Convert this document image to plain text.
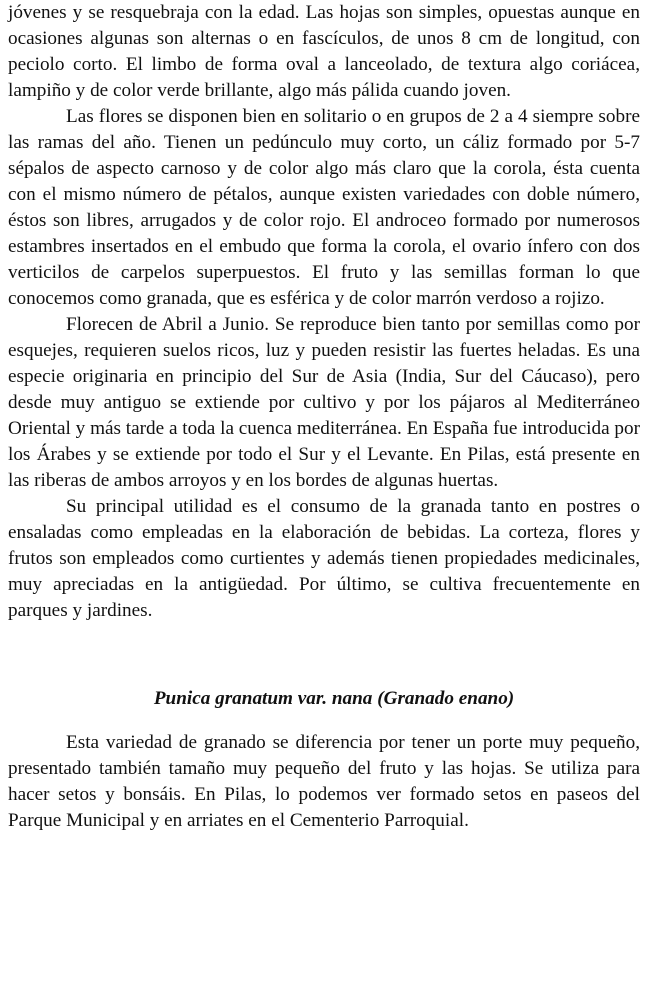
jóvenes y se resquebraja con la edad. Las hojas son simples, opuestas aunque en ocasiones algunas son alternas o en fascículos, de unos 8 cm de longitud, con peciolo corto. El limbo de forma oval a lanceolado, de textura algo coriácea, lampiño y de color verde brillante, algo más pálida cuando joven.

Las flores se disponen bien en solitario o en grupos de 2 a 4 siempre sobre las ramas del año. Tienen un pedúnculo muy corto, un cáliz formado por 5-7 sépalos de aspecto carnoso y de color algo más claro que la corola, ésta cuenta con el mismo número de pétalos, aunque existen variedades con doble número, éstos son libres, arrugados y de color rojo. El androceo formado por numerosos estambres insertados en el embudo que forma la corola, el ovario ínfero con dos verticilos de carpelos superpuestos. El fruto y las semillas forman lo que conocemos como granada, que es esférica y de color marrón verdoso a rojizo.

Florecen de Abril a Junio. Se reproduce bien tanto por semillas como por esquejes, requieren suelos ricos, luz y pueden resistir las fuertes heladas. Es una especie originaria en principio del Sur de Asia (India, Sur del Cáucaso), pero desde muy antiguo se extiende por cultivo y por los pájaros al Mediterráneo Oriental y más tarde a toda la cuenca mediterránea. En España fue introducida por los Árabes y se extiende por todo el Sur y el Levante. En Pilas, está presente en las riberas de ambos arroyos y en los bordes de algunas huertas.

Su principal utilidad es el consumo de la granada tanto en postres o ensaladas como empleadas en la elaboración de bebidas. La corteza, flores y frutos son empleados como curtientes y además tienen propiedades medicinales, muy apreciadas en la antigüedad. Por último, se cultiva frecuentemente en parques y jardines.

Punica granatum var. nana (Granado enano)

Esta variedad de granado se diferencia por tener un porte muy pequeño, presentado también tamaño muy pequeño del fruto y las hojas. Se utiliza para hacer setos y bonsáis. En Pilas, lo podemos ver formado setos en paseos del Parque Municipal y en arriates en el Cementerio Parroquial.
